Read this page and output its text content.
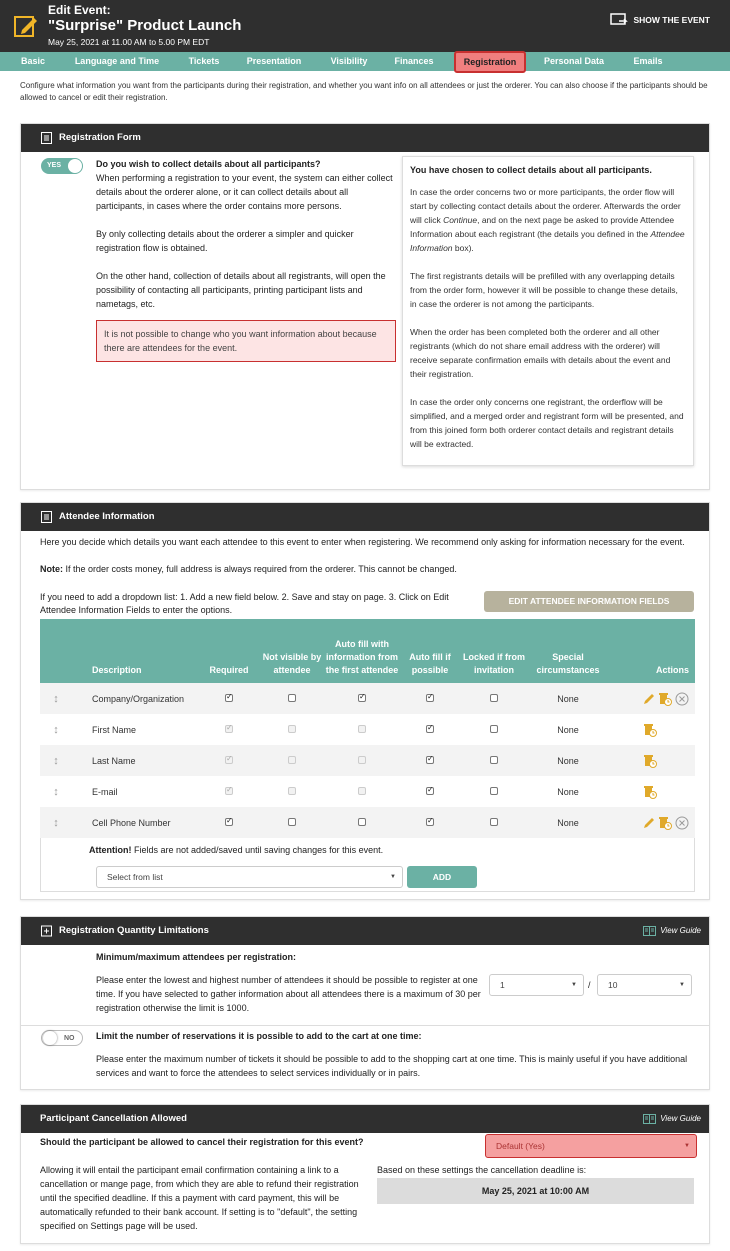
Edit Event:
"Surprise" Product Launch
May 25, 2021 at 11.00 AM to 5.00 PM EDT
SHOW THE EVENT
Basic	Language and Time	Tickets	Presentation	Visibility	Finances	Registration	Personal Data	Emails
Configure what information you want from the participants during their registration, and whether you want info on all attendees or just the orderer. You can also choose if the participants should be allowed to cancel or edit their registration.
Registration Form
YES	Do you wish to collect details about all participants?
When performing a registration to your event, the system can either collect details about the orderer alone, or it can collect details about all participants, in cases where the order contains more persons.
By only collecting details about the orderer a simpler and quicker registration flow is obtained.
On the other hand, collection of details about all registrants, will open the possibility of contacting all participants, printing participant lists and nametags, etc.
It is not possible to change who you want information about because there are attendees for the event.
You have chosen to collect details about all participants.
In case the order concerns two or more participants, the order flow will start by collecting contact details about the orderer. Afterwards the order will click Continue, and on the next page be asked to provide Attendee Information about each registrant (the details you defined in the Attendee Information box).
The first registrants details will be prefilled with any overlapping details from the order form, however it will be possible to change these details, in case the orderer is not among the participants.
When the order has been completed both the orderer and all other registrants (which do not share email address with the orderer) will receive separate confirmation emails with details about the event and their registration.
In case the order only concerns one registrant, the orderflow will be simplified, and a merged order and registrant form will be presented, and from this joined form both orderer contact details and registrant details will be extracted.
Attendee Information
Here you decide which details you want each attendee to this event to enter when registering. We recommend only asking for information necessary for the event.
Note: If the order costs money, full address is always required from the orderer. This cannot be changed.
If you need to add a dropdown list: 1. Add a new field below. 2. Save and stay on page. 3. Click on Edit Attendee Information Fields to enter the options.
EDIT ATTENDEE INFORMATION FIELDS
	Description	Required	Not visible by attendee	Auto fill with information from the first attendee	Auto fill if possible	Locked if from invitation	Special circumstances	Actions
↕	Company/Organization	✓		✓	✓		None	
↕	First Name	✓			✓		None	
↕	Last Name	✓			✓		None	
↕	E-mail	✓			✓		None	
↕	Cell Phone Number	✓			✓		None	
Attention! Fields are not added/saved until saving changes for this event.
Select from list	▼	ADD
Registration Quantity Limitations	View Guide
Minimum/maximum attendees per registration:
Please enter the lowest and highest number of attendees it should be possible to register at one time. If you have selected to gather information about all attendees there is a maximum of 30 per registration otherwise the limit is 1000.
1	▼ /	10	▼
NO	Limit the number of reservations it is possible to add to the cart at one time:
Please enter the maximum number of tickets it should be possible to add to the shopping cart at one time. This is mainly useful if you have additional services and want to force the attendees to select services individually or in pairs.
Participant Cancellation Allowed	View Guide
Should the participant be allowed to cancel their registration for this event?	Default (Yes)	▼
Allowing it will entail the participant email confirmation containing a link to a cancellation or mange page, from which they are able to refund their registration until the specified deadline. If this a payment with card payment, this will be automatically refunded to their bank account. If setting is to "default", the setting specified on Settings page will be used.
Based on these settings the cancellation deadline is:
May 25, 2021 at 10:00 AM
